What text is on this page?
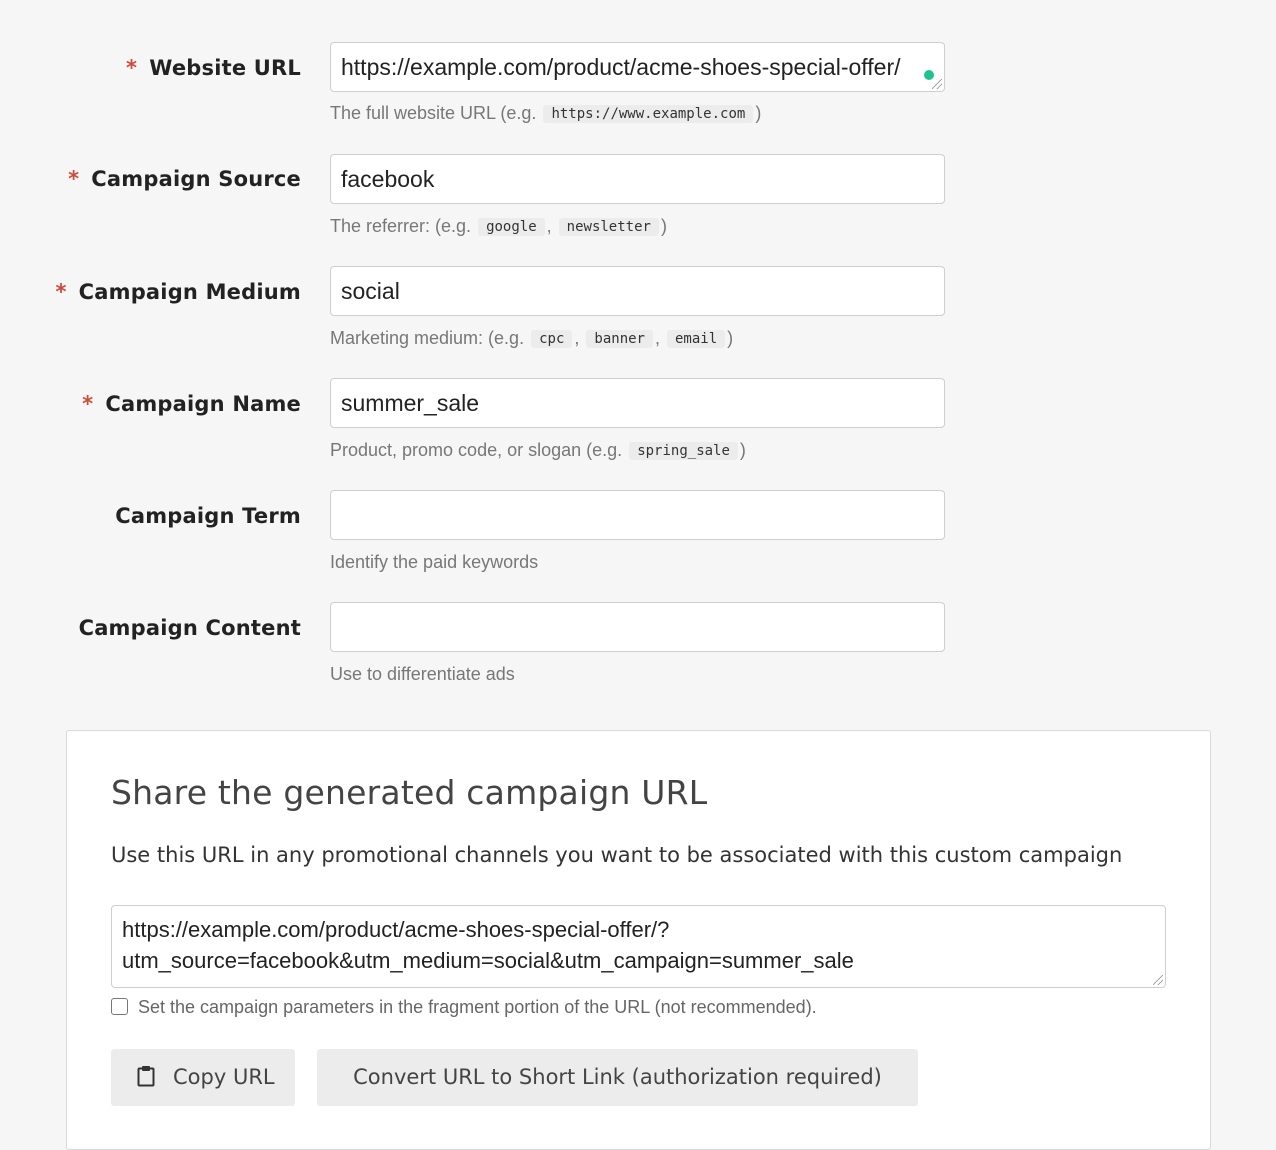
* Website URL	https://example.com/product/acme-shoes-special-offer/
The full website URL (e.g. https://www.example.com )
* Campaign Source	facebook
The referrer: (e.g. google , newsletter )
* Campaign Medium	social
Marketing medium: (e.g. cpc , banner , email )
* Campaign Name	summer_sale
Product, promo code, or slogan (e.g. spring_sale )
Campaign Term
Identify the paid keywords
Campaign Content
Use to differentiate ads
Share the generated campaign URL
Use this URL in any promotional channels you want to be associated with this custom campaign
https://example.com/product/acme-shoes-special-offer/?
utm_source=facebook&utm_medium=social&utm_campaign=summer_sale
Set the campaign parameters in the fragment portion of the URL (not recommended).
Copy URL	Convert URL to Short Link (authorization required)
